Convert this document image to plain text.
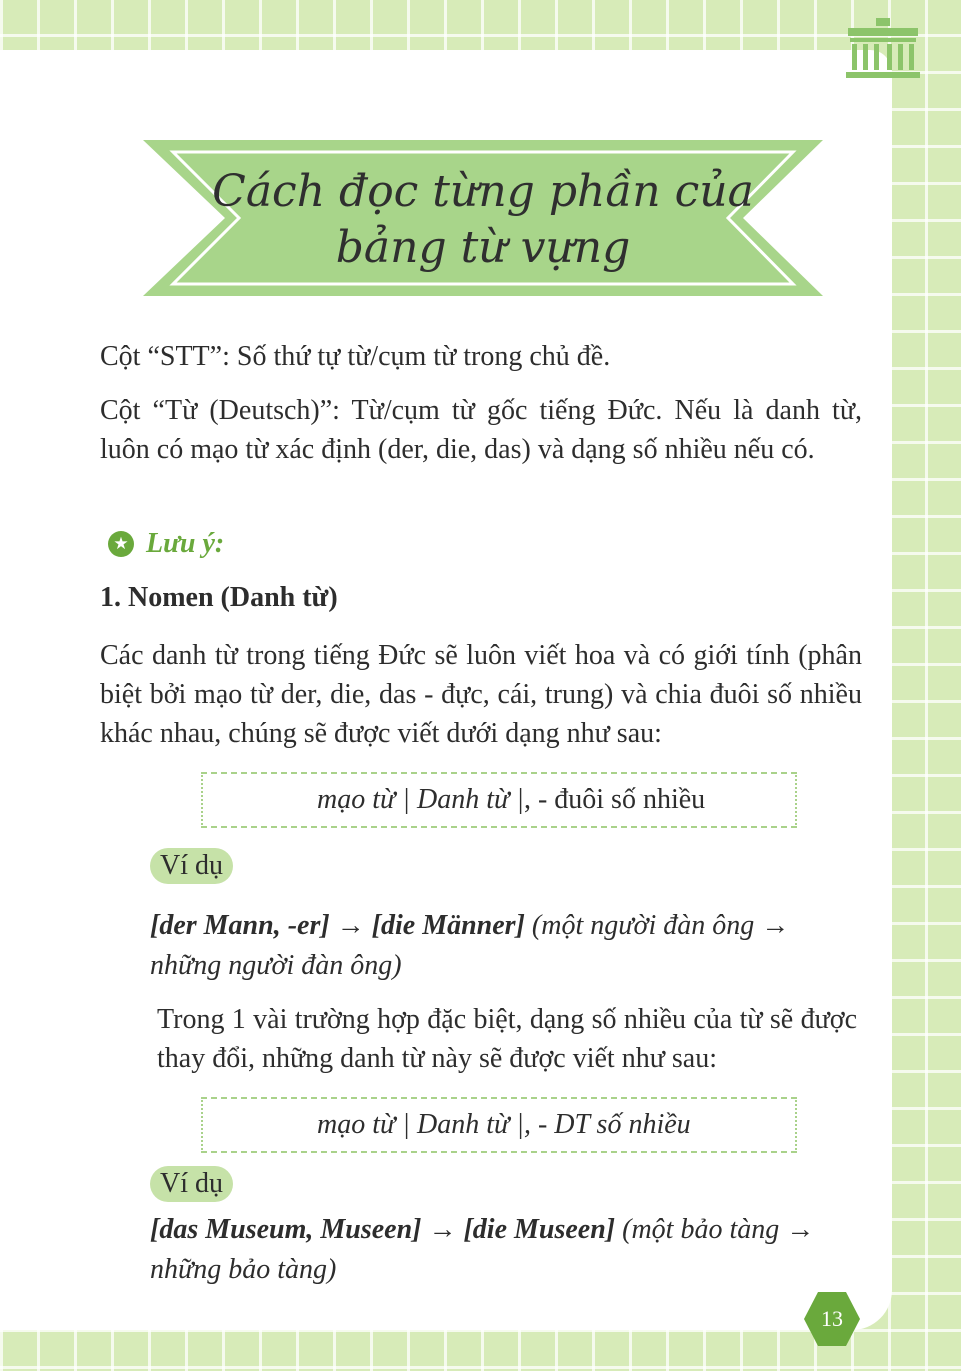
Cách đọc từng phần của
bảng từ vựng

Cột “STT”: Số thứ tự từ/cụm từ trong chủ đề.

Cột “Từ (Deutsch)”: Từ/cụm từ gốc tiếng Đức. Nếu là danh từ, luôn có mạo từ xác định (der, die, das) và dạng số nhiều nếu có.

★ Lưu ý:
1. Nomen (Danh từ)

Các danh từ trong tiếng Đức sẽ luôn viết hoa và có giới tính (phân biệt bởi mạo từ der, die, das - đực, cái, trung) và chia đuôi số nhiều khác nhau, chúng sẽ được viết dưới dạng như sau:

mạo từ | Danh từ |, - đuôi số nhiều
Ví dụ

[der Mann, -er] → [die Männer] (một người đàn ông → những người đàn ông)

Trong 1 vài trường hợp đặc biệt, dạng số nhiều của từ sẽ được thay đổi, những danh từ này sẽ được viết như sau:

mạo từ | Danh từ |, - DT số nhiều
Ví dụ

[das Museum, Museen] → [die Museen] (một bảo tàng → những bảo tàng)

13
